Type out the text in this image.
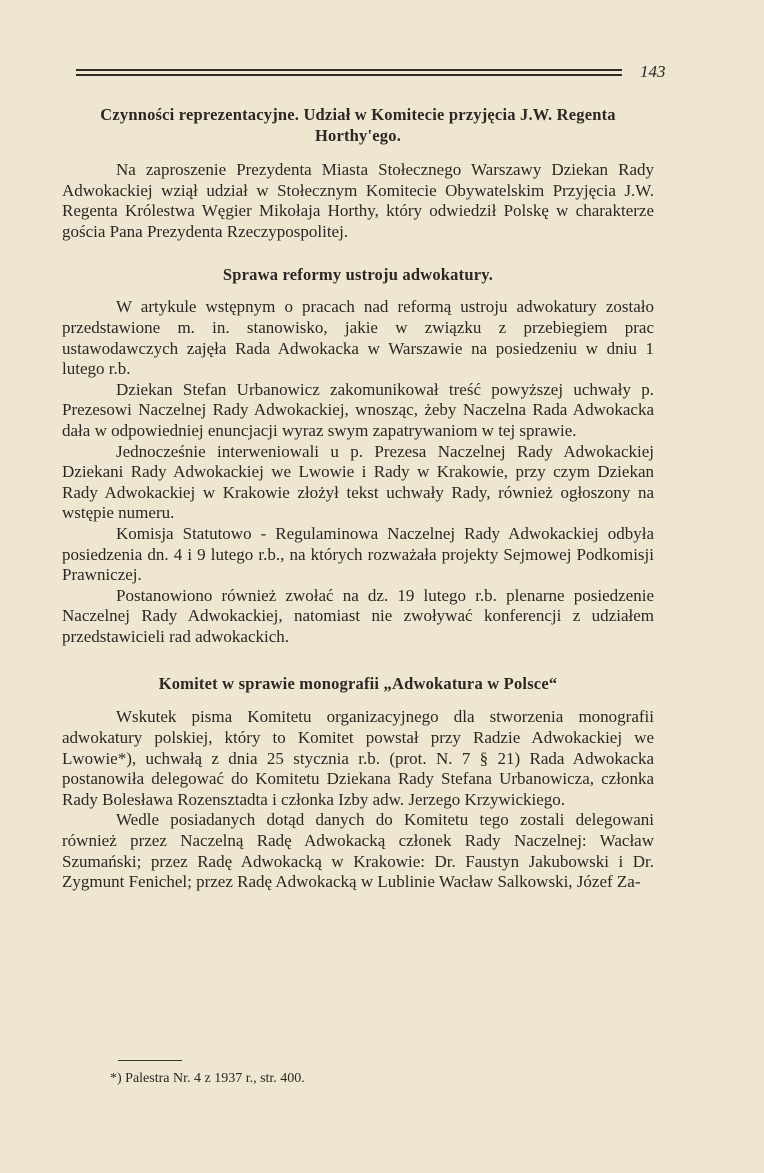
143
Czynności reprezentacyjne. Udział w Komitecie przyjęcia J.W. Regenta Horthy'ego.

Na zaproszenie Prezydenta Miasta Stołecznego Warszawy Dziekan Rady Adwokackiej wziął udział w Stołecznym Komitecie Obywatelskim Przyjęcia J.W. Regenta Królestwa Węgier Mikołaja Horthy, który odwiedził Polskę w charakterze gościa Pana Prezydenta Rzeczypospolitej.

Sprawa reformy ustroju adwokatury.

W artykule wstępnym o pracach nad reformą ustroju adwokatury zostało przedstawione m. in. stanowisko, jakie w związku z przebiegiem prac ustawodawczych zajęła Rada Adwokacka w Warszawie na posiedzeniu w dniu 1 lutego r.b.

Dziekan Stefan Urbanowicz zakomunikował treść powyższej uchwały p. Prezesowi Naczelnej Rady Adwokackiej, wnosząc, żeby Naczelna Rada Adwokacka dała w odpowiedniej enuncjacji wyraz swym zapatrywaniom w tej sprawie.

Jednocześnie interweniowali u p. Prezesa Naczelnej Rady Adwokackiej Dziekani Rady Adwokackiej we Lwowie i Rady w Krakowie, przy czym Dziekan Rady Adwokackiej w Krakowie złożył tekst uchwały Rady, również ogłoszony na wstępie numeru.

Komisja Statutowo - Regulaminowa Naczelnej Rady Adwokackiej odbyła posiedzenia dn. 4 i 9 lutego r.b., na których rozważała projekty Sejmowej Podkomisji Prawniczej.

Postanowiono również zwołać na dz. 19 lutego r.b. plenarne posiedzenie Naczelnej Rady Adwokackiej, natomiast nie zwoływać konferencji z udziałem przedstawicieli rad adwokackich.

Komitet w sprawie monografii „Adwokatura w Polsce“

Wskutek pisma Komitetu organizacyjnego dla stworzenia monografii adwokatury polskiej, który to Komitet powstał przy Radzie Adwokackiej we Lwowie*), uchwałą z dnia 25 stycznia r.b. (prot. N. 7 § 21) Rada Adwokacka postanowiła delegować do Komitetu Dziekana Rady Stefana Urbanowicza, członka Rady Bolesława Rozensztadta i członka Izby adw. Jerzego Krzywickiego.

Wedle posiadanych dotąd danych do Komitetu tego zostali delegowani również przez Naczelną Radę Adwokacką członek Rady Naczelnej: Wacław Szumański; przez Radę Adwokacką w Krakowie: Dr. Faustyn Jakubowski i Dr. Zygmunt Fenichel; przez Radę Adwokacką w Lublinie Wacław Salkowski, Józef Za-

*) Palestra Nr. 4 z 1937 r., str. 400.
